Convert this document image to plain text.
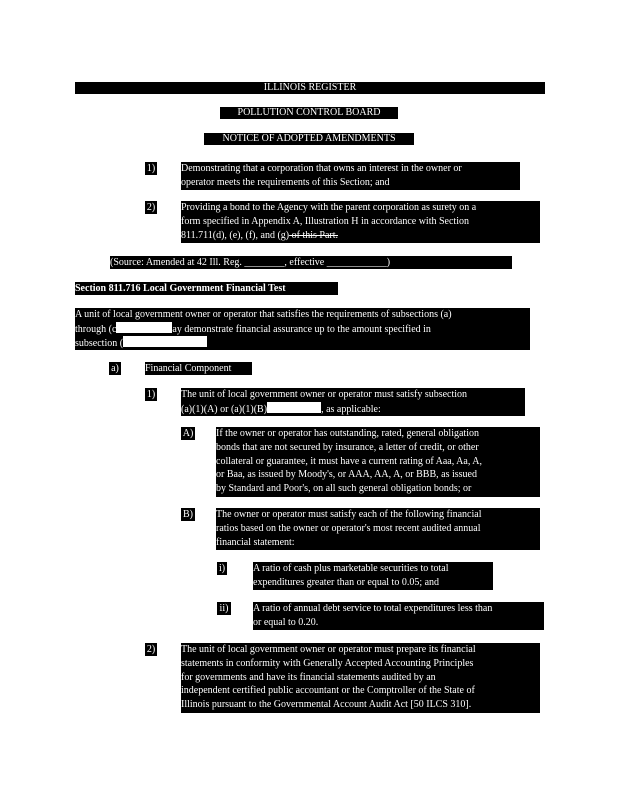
ILLINOIS REGISTER
POLLUTION CONTROL BOARD
NOTICE OF ADOPTED AMENDMENTS
1)	Demonstrating that a corporation that owns an interest in the owner or
operator meets the requirements of this Section; and
2)	Providing a bond to the Agency with the parent corporation as surety on a
form specified in Appendix A, Illustration H in accordance with Section
811.711(d), (e), (f), and (g) of this Part.
(Source: Amended at 42 Ill. Reg. ________, effective ____________)
Section 811.716 Local Government Financial Test
A unit of local government owner or operator that satisfies the requirements of subsections (a)
through (c	ay demonstrate financial assurance up to the amount specified in
subsection (
a)	Financial Component
1)	The unit of local government owner or operator must satisfy subsection
(a)(1)(A) or (a)(1)(B)	, as applicable:
A) If the owner or operator has outstanding, rated, general obligation
bonds that are not secured by insurance, a letter of credit, or other
collateral or guarantee, it must have a current rating of Aaa, Aa, A,
or Baa, as issued by Moody's, or AAA, AA, A, or BBB, as issued
by Standard and Poor's, on all such general obligation bonds; or
B) The owner or operator must satisfy each of the following financial
ratios based on the owner or operator's most recent audited annual
financial statement:
i)	A ratio of cash plus marketable securities to total
expenditures greater than or equal to 0.05; and
ii) A ratio of annual debt service to total expenditures less than
or equal to 0.20.
2)	The unit of local government owner or operator must prepare its financial
statements in conformity with Generally Accepted Accounting Principles
for governments and have its financial statements audited by an
independent certified public accountant or the Comptroller of the State of
Illinois pursuant to the Governmental Account Audit Act [50 ILCS 310].
